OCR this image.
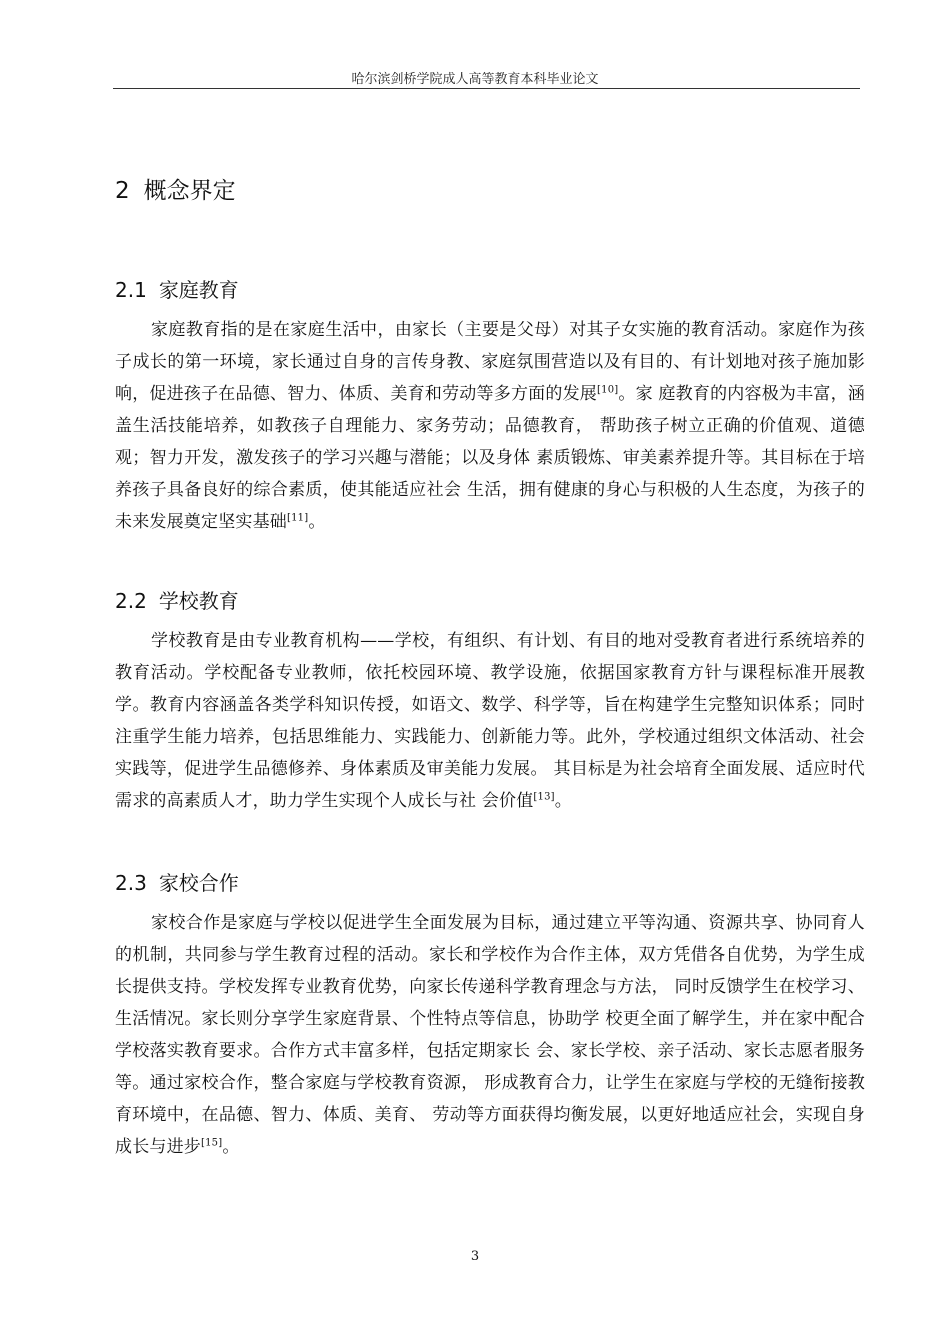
哈尔滨剑桥学院成人高等教育本科毕业论文
2 概念界定
2.1 家庭教育
家庭教育指的是在家庭生活中，由家长（主要是父母）对其子女实施的教育活动。家庭作为孩子成长的第一环境，家长通过自身的言传身教、家庭氛围营造以及有目的、有计划地对孩子施加影响，促进孩子在品德、智力、体质、美育和劳动等多方面的发展[10]。家 庭教育的内容极为丰富，涵盖生活技能培养，如教孩子自理能力、家务劳动；品德教育， 帮助孩子树立正确的价值观、道德观；智力开发，激发孩子的学习兴趣与潜能；以及身体 素质锻炼、审美素养提升等。其目标在于培养孩子具备良好的综合素质，使其能适应社会 生活，拥有健康的身心与积极的人生态度，为孩子的未来发展奠定坚实基础[11]。
2.2 学校教育
学校教育是由专业教育机构——学校，有组织、有计划、有目的地对受教育者进行系统培养的教育活动。学校配备专业教师，依托校园环境、教学设施，依据国家教育方针与课程标准开展教学。教育内容涵盖各类学科知识传授，如语文、数学、科学等，旨在构建学生完整知识体系；同时注重学生能力培养，包括思维能力、实践能力、创新能力等。此外，学校通过组织文体活动、社会实践等，促进学生品德修养、身体素质及审美能力发展。 其目标是为社会培育全面发展、适应时代需求的高素质人才，助力学生实现个人成长与社 会价值[13]。
2.3 家校合作
家校合作是家庭与学校以促进学生全面发展为目标，通过建立平等沟通、资源共享、协同育人的机制，共同参与学生教育过程的活动。家长和学校作为合作主体，双方凭借各自优势，为学生成长提供支持。学校发挥专业教育优势，向家长传递科学教育理念与方法， 同时反馈学生在校学习、生活情况。家长则分享学生家庭背景、个性特点等信息，协助学 校更全面了解学生，并在家中配合学校落实教育要求。合作方式丰富多样，包括定期家长 会、家长学校、亲子活动、家长志愿者服务等。通过家校合作，整合家庭与学校教育资源， 形成教育合力，让学生在家庭与学校的无缝衔接教育环境中，在品德、智力、体质、美育、 劳动等方面获得均衡发展，以更好地适应社会，实现自身成长与进步[15]。
3
